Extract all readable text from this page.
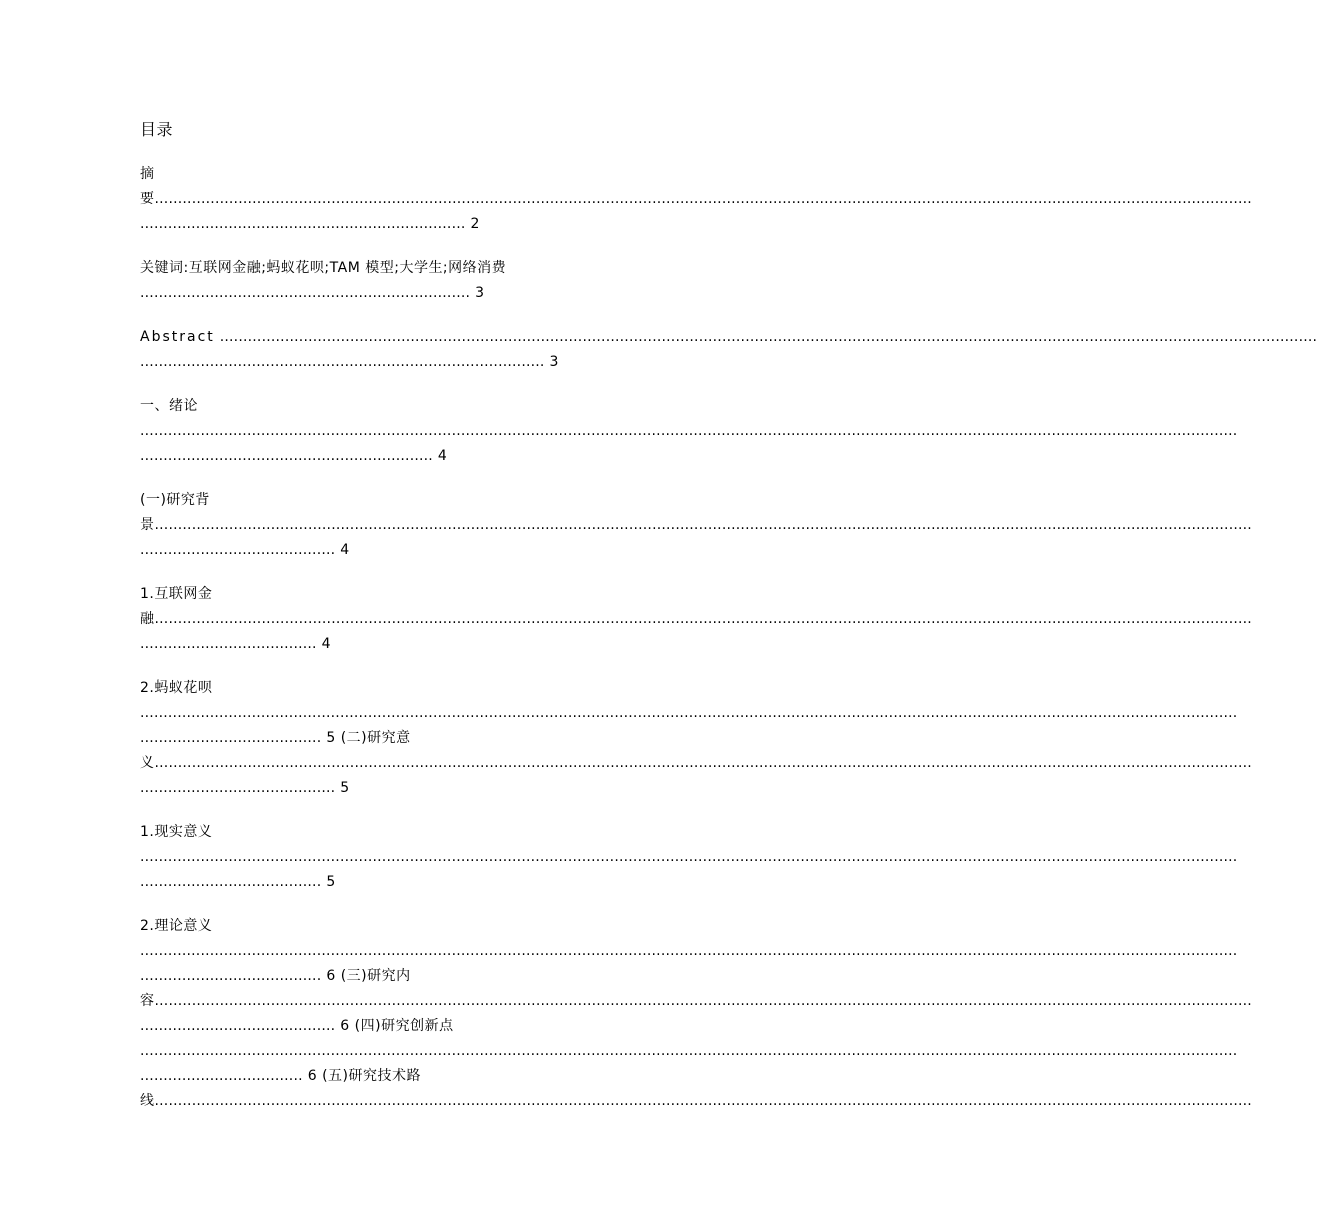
目录
摘
要............................................................................................................................................................................................................................................
...................................................................... 2
关键词:互联网金融;蚂蚁花呗;TAM 模型;大学生;网络消费
....................................................................... 3
Abstract ............................................................................................................................................................................................................................................
....................................................................................... 3
一、绪论
............................................................................................................................................................................................................................................
............................................................... 4
(一)研究背
景............................................................................................................................................................................................................................................
.......................................... 4
1.互联网金
融............................................................................................................................................................................................................................................
...................................... 4
2.蚂蚁花呗
............................................................................................................................................................................................................................................
....................................... 5 (二)研究意
义............................................................................................................................................................................................................................................
.......................................... 5
1.现实意义
............................................................................................................................................................................................................................................
....................................... 5
2.理论意义
............................................................................................................................................................................................................................................
....................................... 6 (三)研究内
容............................................................................................................................................................................................................................................
.......................................... 6 (四)研究创新点
............................................................................................................................................................................................................................................
................................... 6 (五)研究技术路
线............................................................................................................................................................................................................................................
